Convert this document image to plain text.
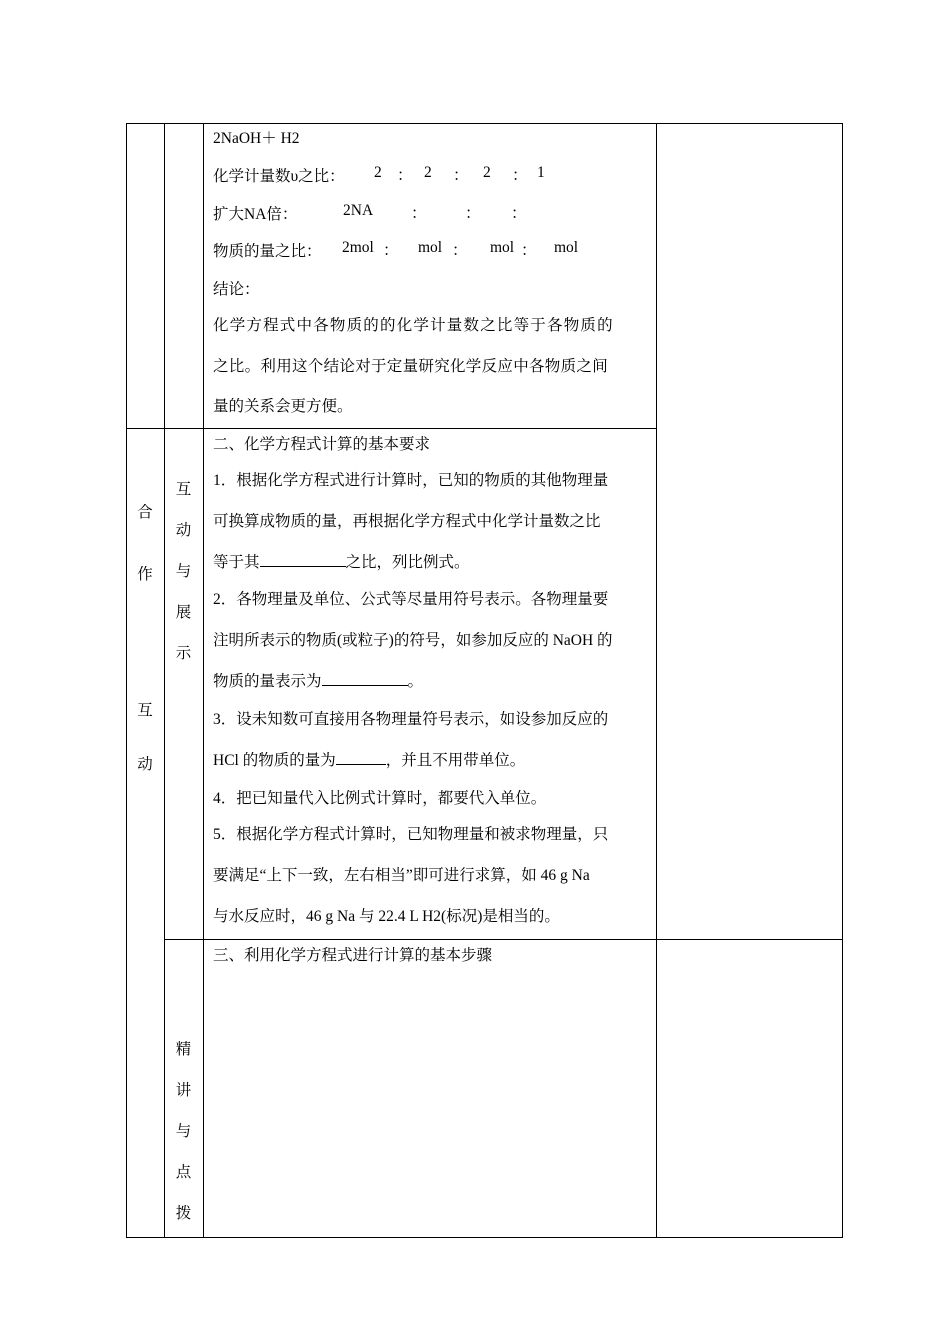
2NaOH＋ H2

化学计量数υ之比： 2 ： 2 ： 2 ： 1

扩大NA倍：	2NA ： ： ：

物质的量之比： 2mol ： mol ： mol ： mol

结论：

化学方程式中各物质的的化学计量数之比等于各物质的

之比。利用这个结论对于定量研究化学反应中各物质之间

量的关系会更方便。

合
作
互
动
互
动
与
展
示

二、化学方程式计算的基本要求

1．根据化学方程式进行计算时，已知的物质的其他物理量

可换算成物质的量，再根据化学方程式中化学计量数之比

等于其	之比，列比例式。

2．各物理量及单位、公式等尽量用符号表示。各物理量要

注明所表示的物质(或粒子)的符号，如参加反应的 NaOH 的

物质的量表示为	。

3．设未知数可直接用各物理量符号表示，如设参加反应的

HCl 的物质的量为	，并且不用带单位。

4．把已知量代入比例式计算时，都要代入单位。

5．根据化学方程式计算时，已知物理量和被求物理量，只

要满足“上下一致，左右相当”即可进行求算，如 46 g Na

与水反应时，46 g Na 与 22.4 L H2(标况)是相当的。

精
讲
与
点
拨

三、利用化学方程式进行计算的基本步骤
